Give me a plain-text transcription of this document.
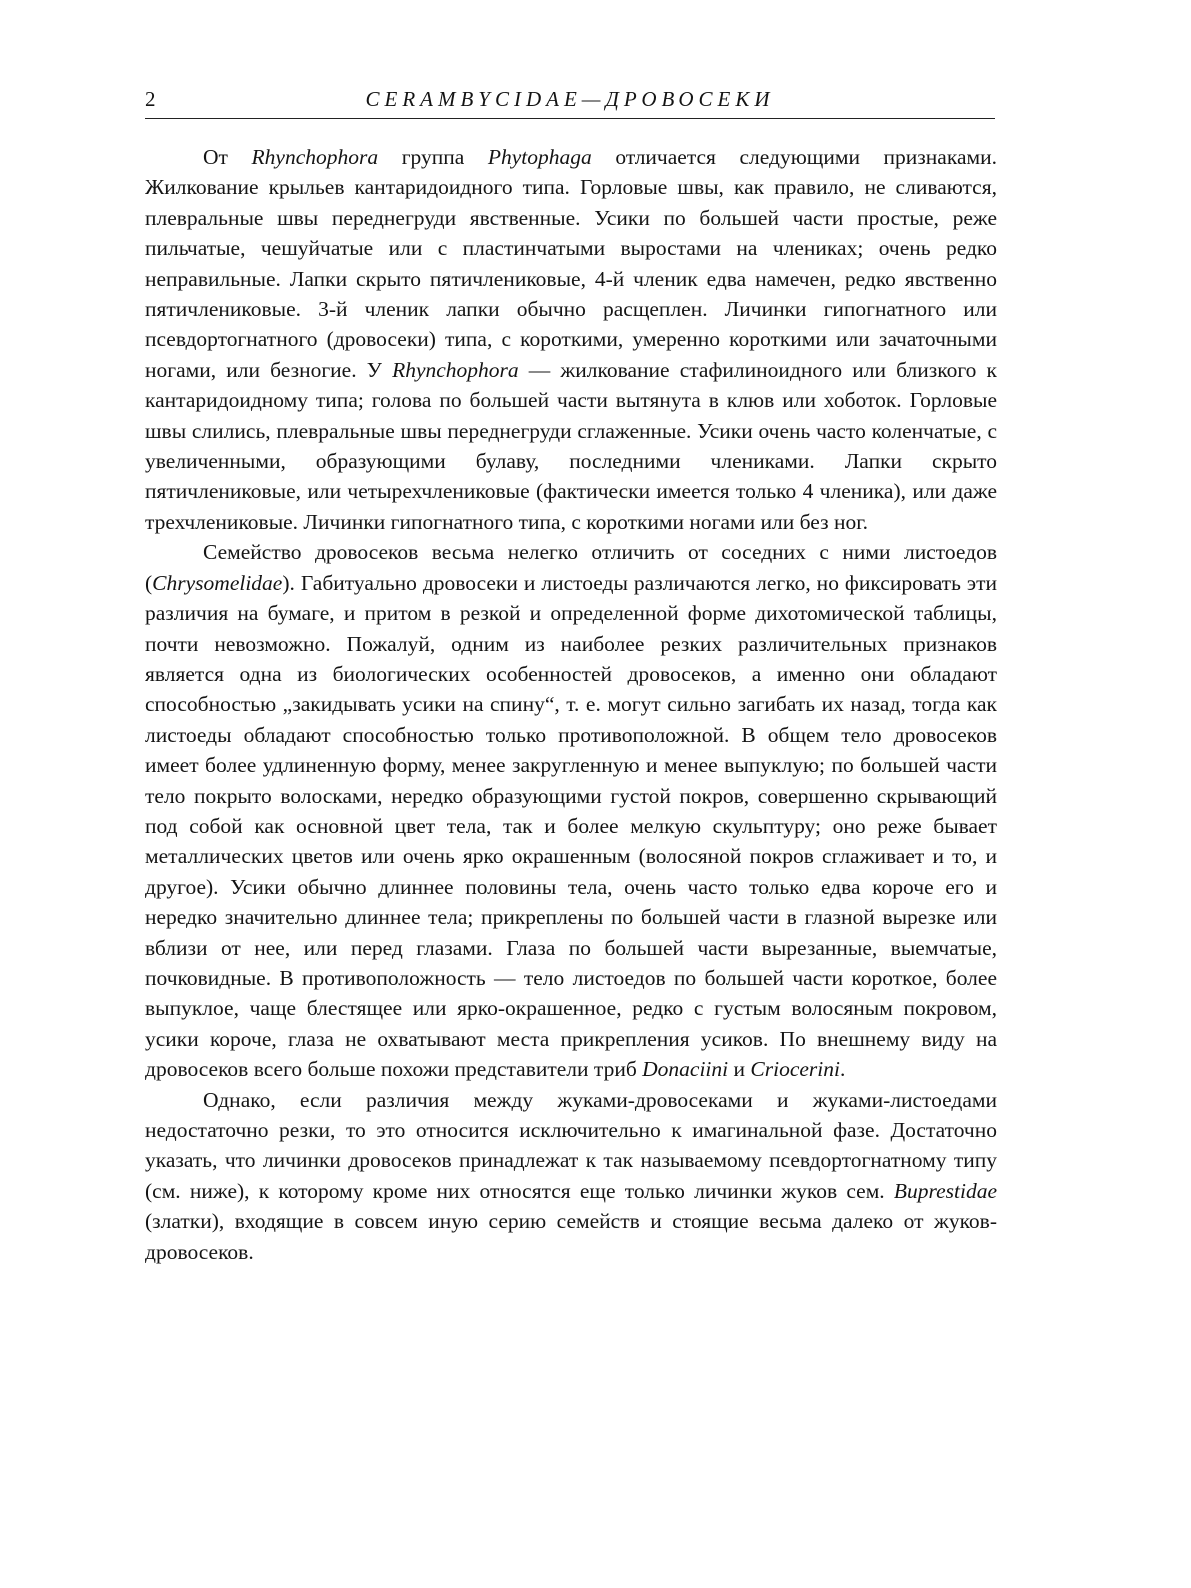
2	CERAMBYCIDAE—ДРОВОСЕКИ

От Rhynchophora группа Phytophaga отличается следующими признаками. Жилкование крыльев кантаридоидного типа. Горловые швы, как правило, не сливаются, плевральные швы переднегруди явственные. Усики по большей части простые, реже пильчатые, чешуйчатые или с пластинчатыми выростами на члениках; очень редко неправильные. Лапки скрыто пятичлениковые, 4-й членик едва намечен, редко явственно пятичлениковые. 3-й членик лапки обычно расщеплен. Личинки гипогнатного или псевдортогнатного (дровосеки) типа, с короткими, умеренно короткими или зачаточными ногами, или безногие. У Rhynchophora — жилкование стафилиноидного или близкого к кантаридоидному типа; голова по большей части вытянута в клюв или хоботок. Горловые швы слились, плевральные швы переднегруди сглаженные. Усики очень часто коленчатые, с увеличенными, образующими булаву, последними члениками. Лапки скрыто пятичлениковые, или четырехчлениковые (фактически имеется только 4 членика), или даже трехчлениковые. Личинки гипогнатного типа, с короткими ногами или без ног.

Семейство дровосеков весьма нелегко отличить от соседних с ними листоедов (Chrysomelidae). Габитуально дровосеки и листоеды различаются легко, но фиксировать эти различия на бумаге, и притом в резкой и определенной форме дихотомической таблицы, почти невозможно. Пожалуй, одним из наиболее резких различительных признаков является одна из биологических особенностей дровосеков, а именно они обладают способностью „закидывать усики на спину“, т. е. могут сильно загибать их назад, тогда как листоеды обладают способностью только противоположной. В общем тело дровосеков имеет более удлиненную форму, менее закругленную и менее выпуклую; по большей части тело покрыто волосками, нередко образующими густой покров, совершенно скрывающий под собой как основной цвет тела, так и более мелкую скульптуру; оно реже бывает металлических цветов или очень ярко окрашенным (волосяной покров сглаживает и то, и другое). Усики обычно длиннее половины тела, очень часто только едва короче его и нередко значительно длиннее тела; прикреплены по большей части в глазной вырезке или вблизи от нее, или перед глазами. Глаза по большей части вырезанные, выемчатые, почковидные. В противоположность — тело листоедов по большей части короткое, более выпуклое, чаще блестящее или ярко-окрашенное, редко с густым волосяным покровом, усики короче, глаза не охватывают места прикрепления усиков. По внешнему виду на дровосеков всего больше похожи представители триб Donaciini и Criocerini.

Однако, если различия между жуками-дровосеками и жуками-листоедами недостаточно резки, то это относится исключительно к имагинальной фазе. Достаточно указать, что личинки дровосеков принадлежат к так называемому псевдортогнатному типу (см. ниже), к которому кроме них относятся еще только личинки жуков сем. Buprestidae (златки), входящие в совсем иную серию семейств и стоящие весьма далеко от жуков-дровосеков.
